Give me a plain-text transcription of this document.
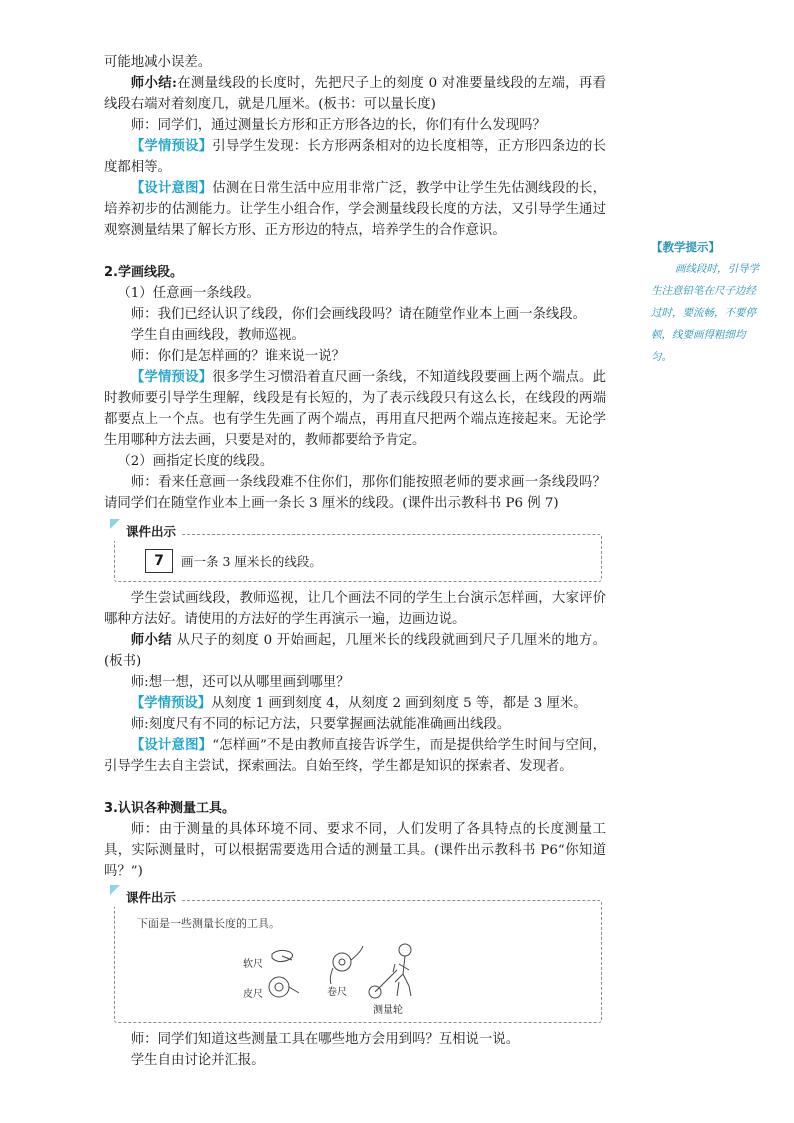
可能地减小误差。

师小结:在测量线段的长度时，先把尺子上的刻度 0 对准要量线段的左端，再看线段右端对着刻度几，就是几厘米。(板书：可以量长度)

师：同学们，通过测量长方形和正方形各边的长，你们有什么发现吗？

【学情预设】引导学生发现：长方形两条相对的边长度相等，正方形四条边的长度都相等。

【设计意图】估测在日常生活中应用非常广泛，教学中让学生先估测线段的长，培养初步的估测能力。让学生小组合作，学会测量线段长度的方法，又引导学生通过观察测量结果了解长方形、正方形边的特点，培养学生的合作意识。

2.学画线段。

（1）任意画一条线段。

师：我们已经认识了线段，你们会画线段吗？请在随堂作业本上画一条线段。

学生自由画线段，教师巡视。

师：你们是怎样画的？谁来说一说？

【学情预设】很多学生习惯沿着直尺画一条线，不知道线段要画上两个端点。此时教师要引导学生理解，线段是有长短的，为了表示线段只有这么长，在线段的两端都要点上一个点。也有学生先画了两个端点，再用直尺把两个端点连接起来。无论学生用哪种方法去画，只要是对的，教师都要给予肯定。

（2）画指定长度的线段。

师：看来任意画一条线段难不住你们，那你们能按照老师的要求画一条线段吗？请同学们在随堂作业本上画一条长 3 厘米的线段。(课件出示教科书 P6 例 7)

课件出示
7	画一条 3 厘米长的线段。

学生尝试画线段，教师巡视，让几个画法不同的学生上台演示怎样画，大家评价哪种方法好。请使用的方法好的学生再演示一遍，边画边说。

师小结 从尺子的刻度 0 开始画起，几厘米长的线段就画到尺子几厘米的地方。(板书)

师:想一想，还可以从哪里画到哪里？

【学情预设】从刻度 1 画到刻度 4，从刻度 2 画到刻度 5 等，都是 3 厘米。

师:刻度尺有不同的标记方法，只要掌握画法就能准确画出线段。

【设计意图】“怎样画”不是由教师直接告诉学生，而是提供给学生时间与空间，引导学生去自主尝试，探索画法。自始至终，学生都是知识的探索者、发现者。

3.认识各种测量工具。

师：由于测量的具体环境不同、要求不同，人们发明了各具特点的长度测量工具，实际测量时，可以根据需要选用合适的测量工具。(课件出示教科书 P6“你知道吗？”)

课件出示
下面是一些测量长度的工具。
软尺
皮尺	卷尺
测量轮

师：同学们知道这些测量工具在哪些地方会用到吗？互相说一说。

学生自由讨论并汇报。

【教学提示】

画线段时，引导学生注意铅笔在尺子边经过时，要流畅，不要停顿，线要画得粗细均匀。
